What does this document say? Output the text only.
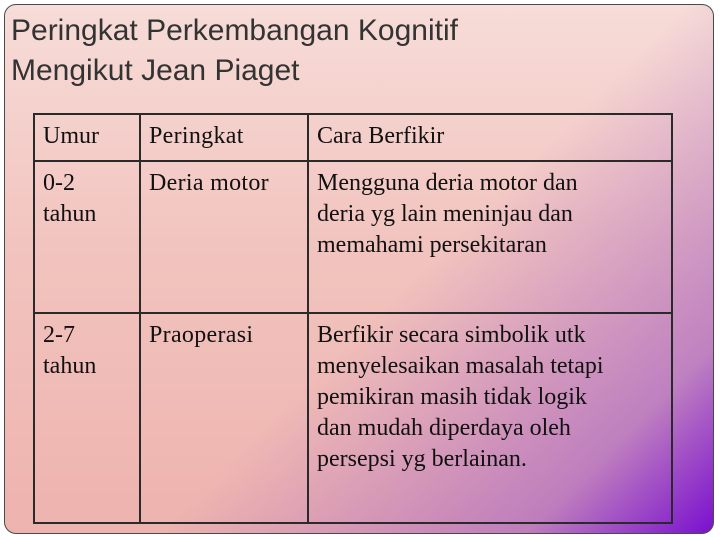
Peringkat Perkembangan Kognitif
Mengikut Jean Piaget
Umur	Peringkat	Cara Berfikir

0-2
tahun	Deria motor	Mengguna deria motor dan
deria yg lain meninjau dan
memahami persekitaran

2-7
tahun	Praoperasi	Berfikir secara simbolik utk
menyelesaikan masalah tetapi
pemikiran masih tidak logik
dan mudah diperdaya oleh
persepsi yg berlainan.
